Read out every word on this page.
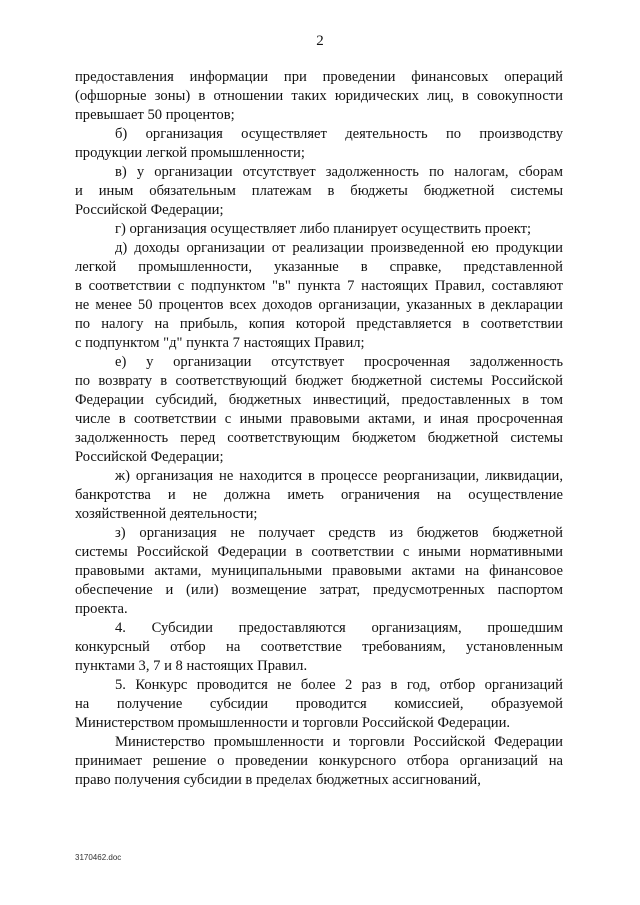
2

предоставления информации при проведении финансовых операций
(офшорные зоны) в отношении таких юридических лиц, в совокупности
превышает 50 процентов;

б) организация осуществляет деятельность по производству
продукции легкой промышленности;

в) у организации отсутствует задолженность по налогам, сборам
и иным обязательным платежам в бюджеты бюджетной системы
Российской Федерации;

г) организация осуществляет либо планирует осуществить проект;

д) доходы организации от реализации произведенной ею продукции
легкой промышленности, указанные в справке, представленной
в соответствии с подпунктом "в" пункта 7 настоящих Правил, составляют
не менее 50 процентов всех доходов организации, указанных в декларации
по налогу на прибыль, копия которой представляется в соответствии
с подпунктом "д" пункта 7 настоящих Правил;

е) у организации отсутствует просроченная задолженность
по возврату в соответствующий бюджет бюджетной системы Российской
Федерации субсидий, бюджетных инвестиций, предоставленных в том
числе в соответствии с иными правовыми актами, и иная просроченная
задолженность перед соответствующим бюджетом бюджетной системы
Российской Федерации;

ж) организация не находится в процессе реорганизации, ликвидации,
банкротства и не должна иметь ограничения на осуществление
хозяйственной деятельности;

з) организация не получает средств из бюджетов бюджетной
системы Российской Федерации в соответствии с иными нормативными
правовыми актами, муниципальными правовыми актами на финансовое
обеспечение и (или) возмещение затрат, предусмотренных паспортом
проекта.

4. Субсидии предоставляются организациям, прошедшим
конкурсный отбор на соответствие требованиям, установленным
пунктами 3, 7 и 8 настоящих Правил.

5. Конкурс проводится не более 2 раз в год, отбор организаций
на получение субсидии проводится комиссией, образуемой
Министерством промышленности и торговли Российской Федерации.

Министерство промышленности и торговли Российской Федерации
принимает решение о проведении конкурсного отбора организаций на
право получения субсидии в пределах бюджетных ассигнований,

3170462.doc
